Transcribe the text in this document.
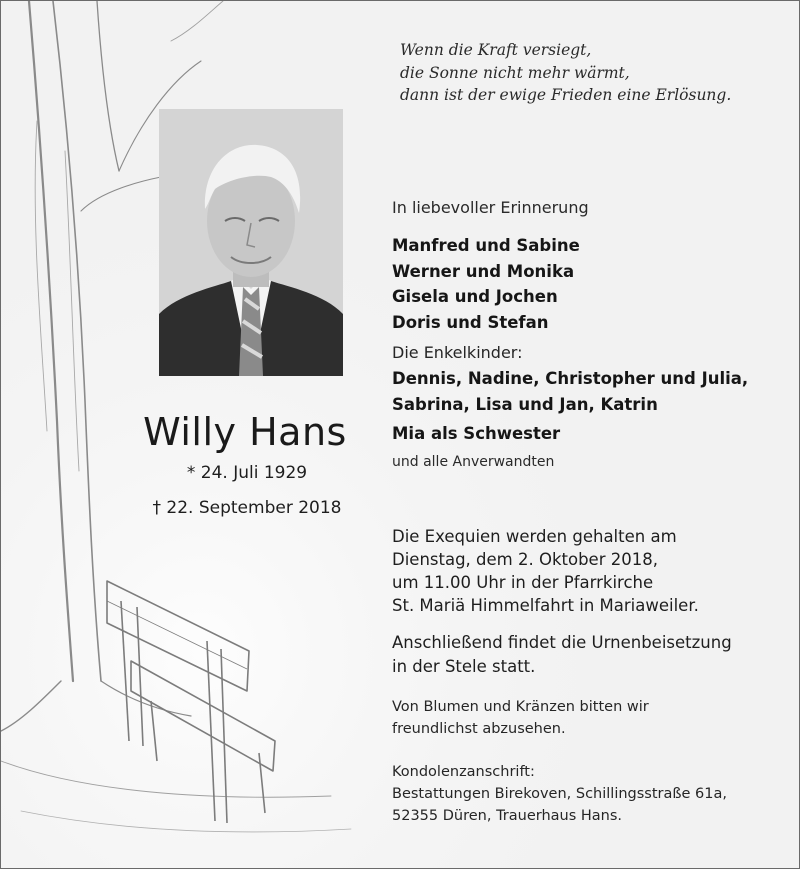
Wenn die Kraft versiegt,
die Sonne nicht mehr wärmt,
dann ist der ewige Frieden eine Erlösung.
Willy Hans
* 24. Juli 1929
† 22. September 2018
In liebevoller Erinnerung
Manfred und Sabine
Werner und Monika
Gisela und Jochen
Doris und Stefan
Die Enkelkinder:
Dennis, Nadine, Christopher und Julia,
Sabrina, Lisa und Jan, Katrin
Mia als Schwester
und alle Anverwandten
Die Exequien werden gehalten am
Dienstag, dem 2. Oktober 2018,
um 11.00 Uhr in der Pfarrkirche
St. Mariä Himmelfahrt in Mariaweiler.
Anschließend findet die Urnenbeisetzung
in der Stele statt.
Von Blumen und Kränzen bitten wir
freundlichst abzusehen.
Kondolenzanschrift:
Bestattungen Birekoven, Schillingsstraße 61a,
52355 Düren, Trauerhaus Hans.
